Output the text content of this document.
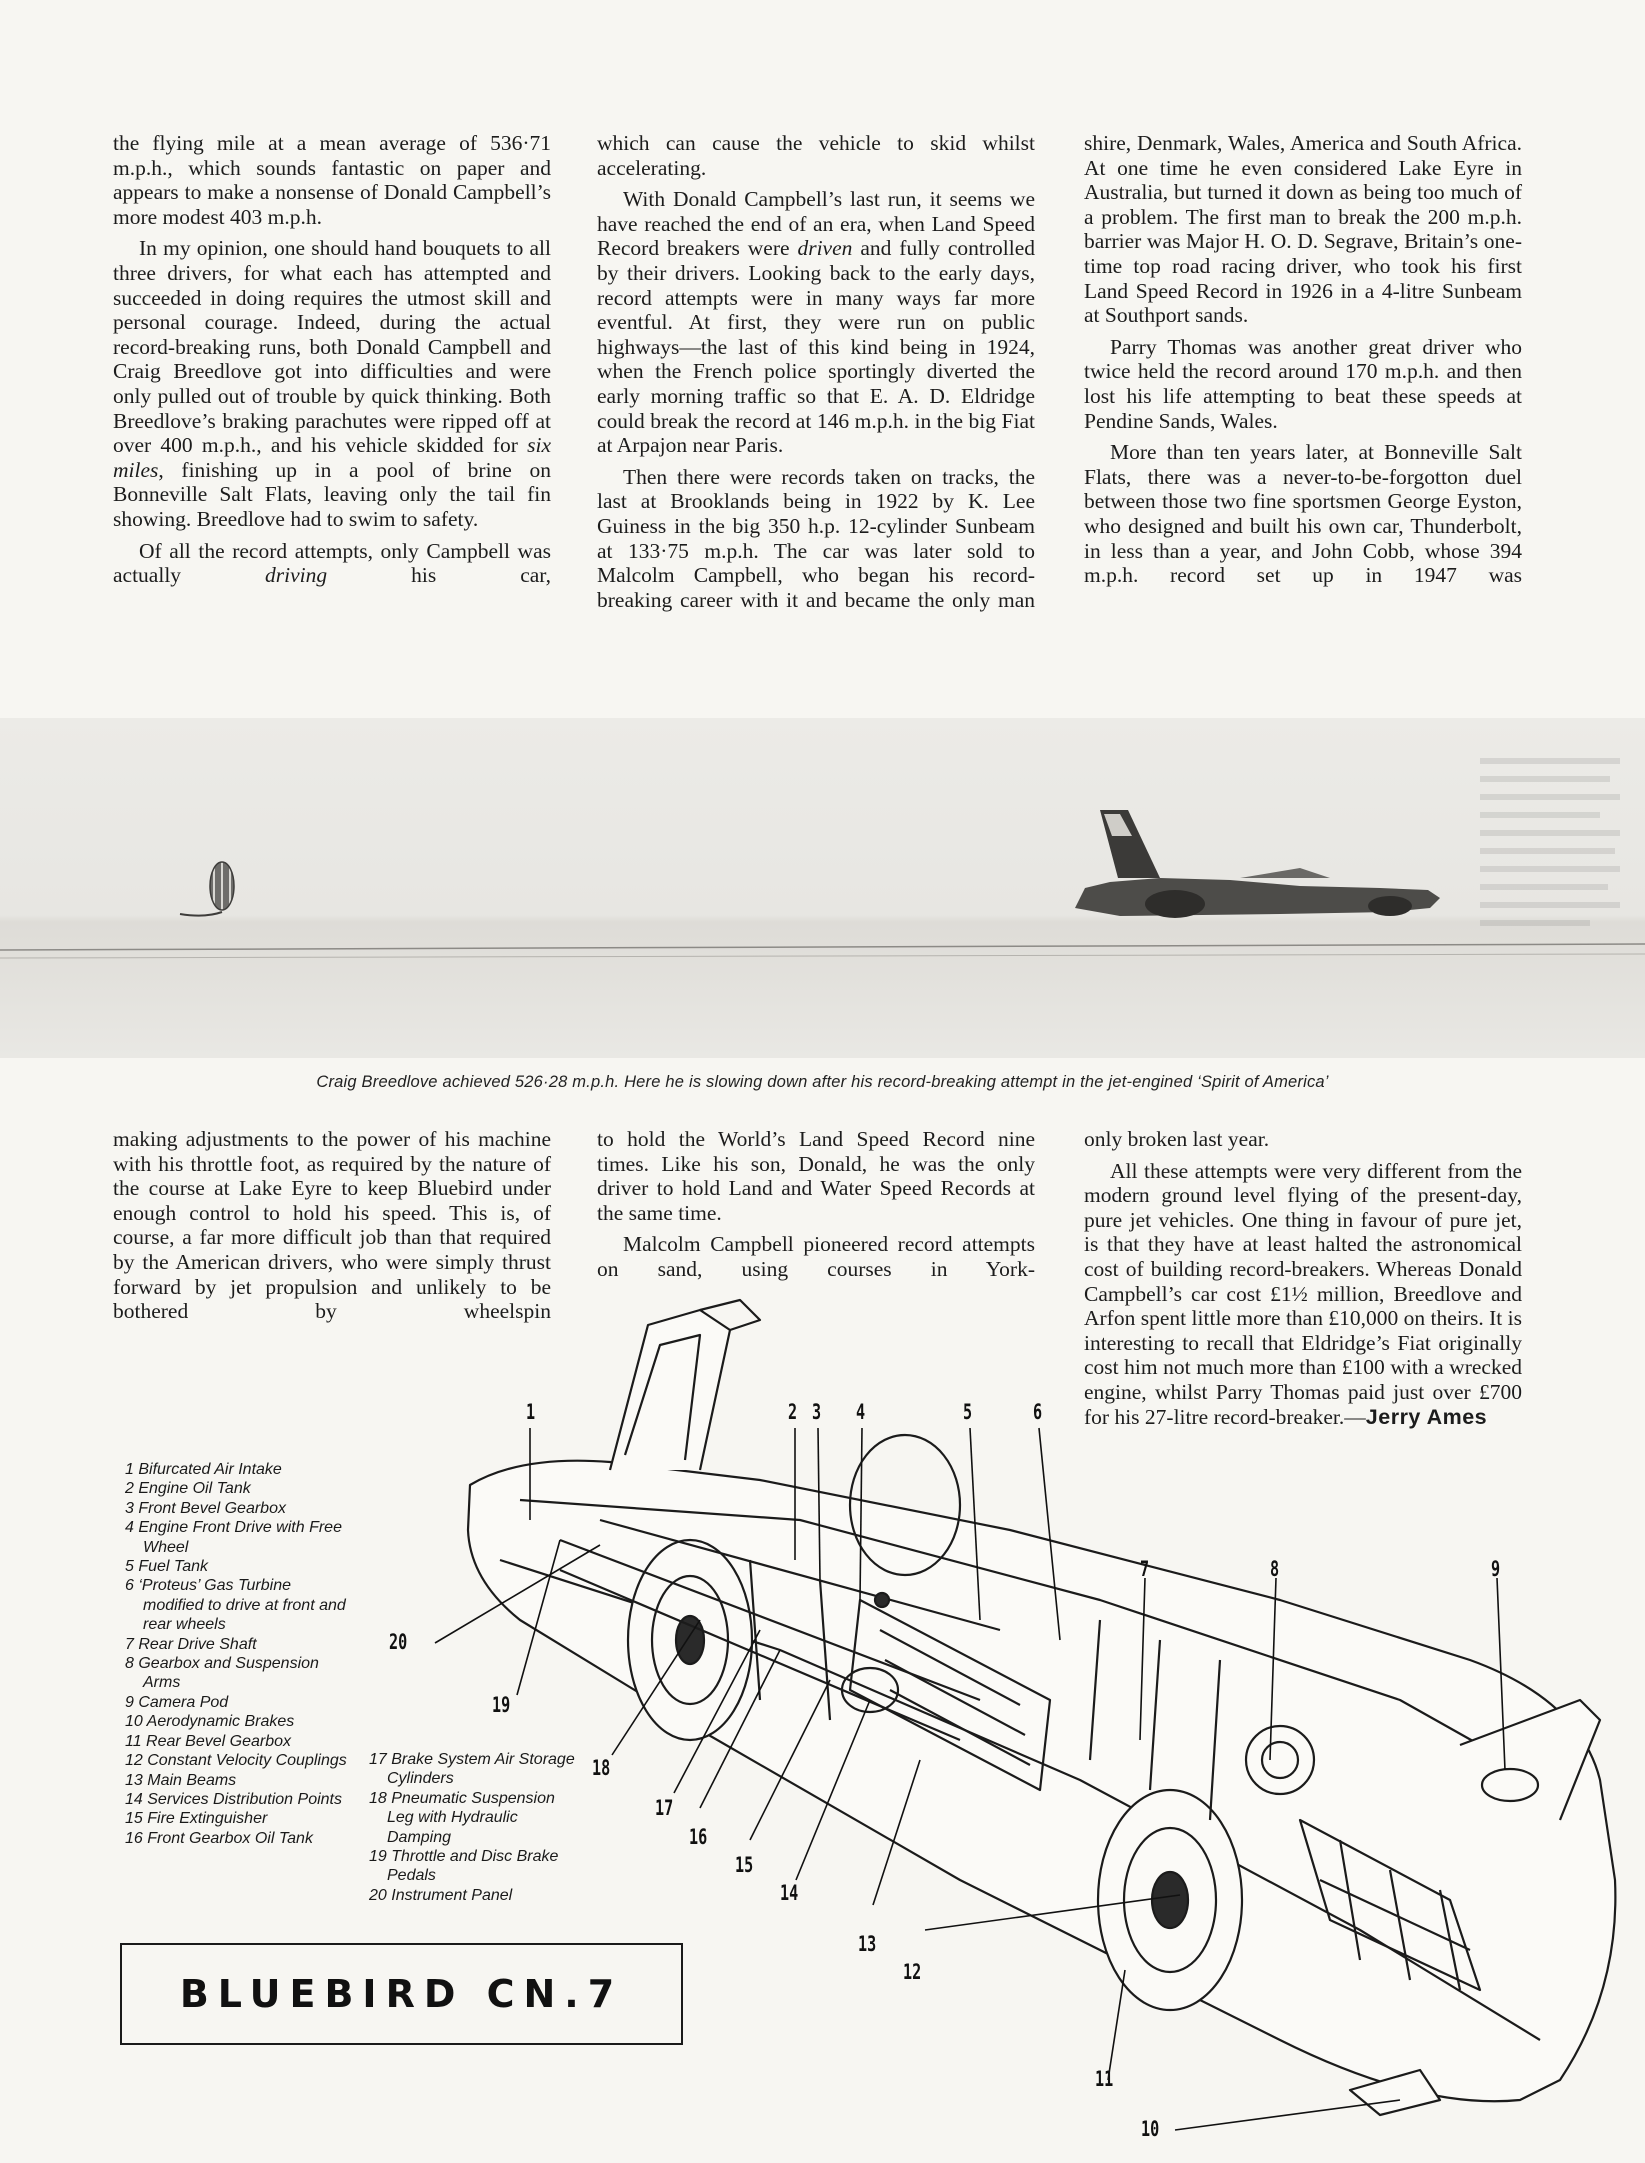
the flying mile at a mean average of 536·71 m.p.h., which sounds fantastic on paper and appears to make a nonsense of Donald Campbell’s more modest 403 m.p.h.

In my opinion, one should hand bouquets to all three drivers, for what each has attempted and succeeded in doing requires the utmost skill and personal courage. Indeed, during the actual record-breaking runs, both Donald Campbell and Craig Breedlove got into difficulties and were only pulled out of trouble by quick thinking. Both Breedlove’s braking parachutes were ripped off at over 400 m.p.h., and his vehicle skidded for six miles, finishing up in a pool of brine on Bonneville Salt Flats, leaving only the tail fin showing. Breedlove had to swim to safety.

Of all the record attempts, only Campbell was actually driving his car,

which can cause the vehicle to skid whilst accelerating.

With Donald Campbell’s last run, it seems we have reached the end of an era, when Land Speed Record breakers were driven and fully controlled by their drivers. Looking back to the early days, record attempts were in many ways far more eventful. At first, they were run on public highways—the last of this kind being in 1924, when the French police sportingly diverted the early morning traffic so that E. A. D. Eldridge could break the record at 146 m.p.h. in the big Fiat at Arpajon near Paris.

Then there were records taken on tracks, the last at Brooklands being in 1922 by K. Lee Guiness in the big 350 h.p. 12-cylinder Sunbeam at 133·75 m.p.h. The car was later sold to Malcolm Campbell, who began his record-breaking career with it and became the only man

shire, Denmark, Wales, America and South Africa. At one time he even considered Lake Eyre in Australia, but turned it down as being too much of a problem. The first man to break the 200 m.p.h. barrier was Major H. O. D. Segrave, Britain’s one-time top road racing driver, who took his first Land Speed Record in 1926 in a 4-litre Sunbeam at Southport sands.

Parry Thomas was another great driver who twice held the record around 170 m.p.h. and then lost his life attempting to beat these speeds at Pendine Sands, Wales.

More than ten years later, at Bonneville Salt Flats, there was a never-to-be-forgotton duel between those two fine sportsmen George Eyston, who designed and built his own car, Thunderbolt, in less than a year, and John Cobb, whose 394 m.p.h. record set up in 1947 was

Craig Breedlove achieved 526·28 m.p.h. Here he is slowing down after his record-breaking attempt in the jet-engined ‘Spirit of America’

making adjustments to the power of his machine with his throttle foot, as required by the nature of the course at Lake Eyre to keep Bluebird under enough control to hold his speed. This is, of course, a far more difficult job than that required by the American drivers, who were simply thrust forward by jet propulsion and unlikely to be bothered by wheelspin

to hold the World’s Land Speed Record nine times. Like his son, Donald, he was the only driver to hold Land and Water Speed Records at the same time.

Malcolm Campbell pioneered record attempts on sand, using courses in York-

only broken last year.

All these attempts were very different from the modern ground level flying of the present-day, pure jet vehicles. One thing in favour of pure jet, is that they have at least halted the astronomical cost of building record-breakers. Whereas Donald Campbell’s car cost £1½ million, Breedlove and Arfon spent little more than £10,000 on theirs. It is interesting to recall that Eldridge’s Fiat originally cost him not much more than £100 with a wrecked engine, whilst Parry Thomas paid just over £700 for his 27-litre record-breaker.—Jerry Ames

1	2 3 4	5	6
7	8	9
10
11
12
13
14
15
16
17
18
19
20
1 Bifurcated Air Intake
2 Engine Oil Tank
3 Front Bevel Gearbox
4 Engine Front Drive with Free Wheel
5 Fuel Tank
6 ‘Proteus’ Gas Turbine modified to drive at front and rear wheels
7 Rear Drive Shaft
8 Gearbox and Suspension Arms
9 Camera Pod
10 Aerodynamic Brakes
11 Rear Bevel Gearbox
12 Constant Velocity Couplings
13 Main Beams
14 Services Distribution Points
15 Fire Extinguisher
16 Front Gearbox Oil Tank
17 Brake System Air Storage Cylinders
18 Pneumatic Suspension Leg with Hydraulic Damping
19 Throttle and Disc Brake Pedals
20 Instrument Panel
BLUEBIRD CN.7
